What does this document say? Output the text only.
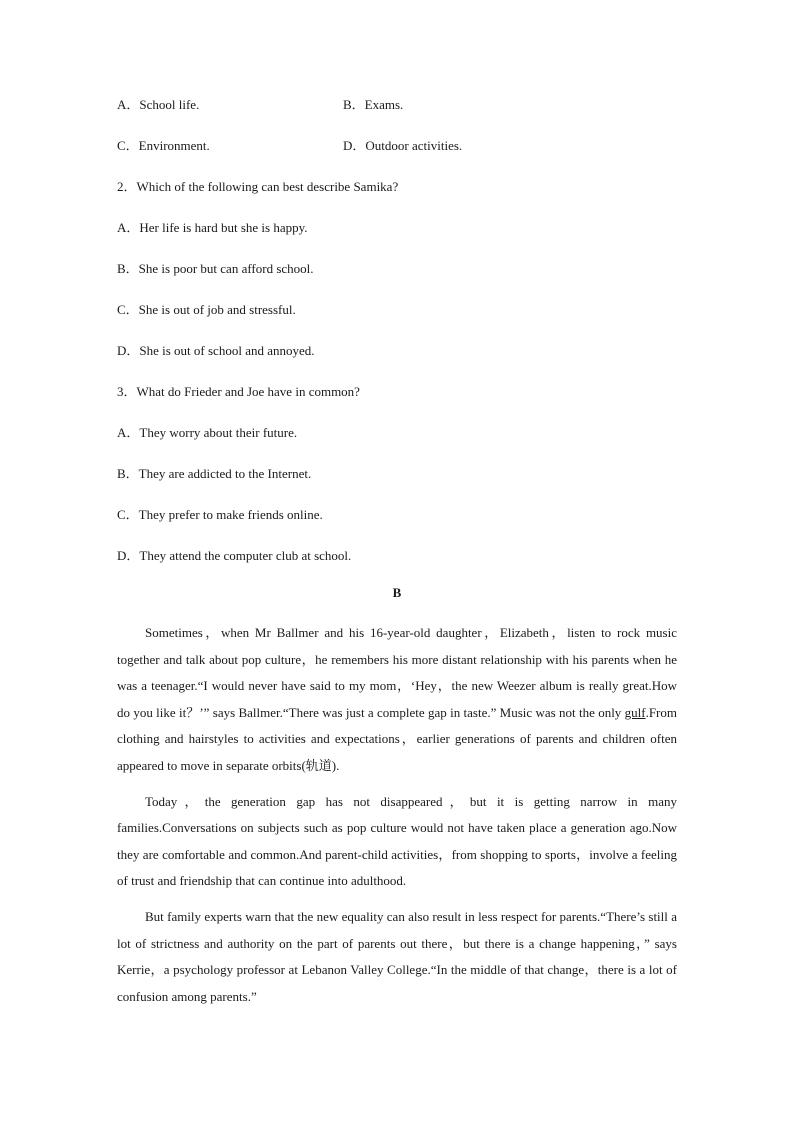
A．School life.	B．Exams.
C．Environment.	D．Outdoor activities.
2．Which of the following can best describe Samika?
A．Her life is hard but she is happy.
B．She is poor but can afford school.
C．She is out of job and stressful.
D．She is out of school and annoyed.
3．What do Frieder and Joe have in common?
A．They worry about their future.
B．They are addicted to the Internet.
C．They prefer to make friends online.
D．They attend the computer club at school.
B

Sometimes，when Mr Ballmer and his 16-year-old daughter，Elizabeth，listen to rock music together and talk about pop culture，he remembers his more distant relationship with his parents when he was a teenager.“I would never have said to my mom，‘Hey，the new Weezer album is really great.How do you like it？’” says Ballmer.“There was just a complete gap in taste.” Music was not the only gulf.From clothing and hairstyles to activities and expectations，earlier generations of parents and children often appeared to move in separate orbits(轨道).

Today，the generation gap has not disappeared，but it is getting narrow in many families.Conversations on subjects such as pop culture would not have taken place a generation ago.Now they are comfortable and common.And parent-child activities，from shopping to sports，involve a feeling of trust and friendship that can continue into adulthood.

But family experts warn that the new equality can also result in less respect for parents.“There’s still a lot of strictness and authority on the part of parents out there，but there is a change happening，” says Kerrie，a psychology professor at Lebanon Valley College.“In the middle of that change，there is a lot of confusion among parents.”
